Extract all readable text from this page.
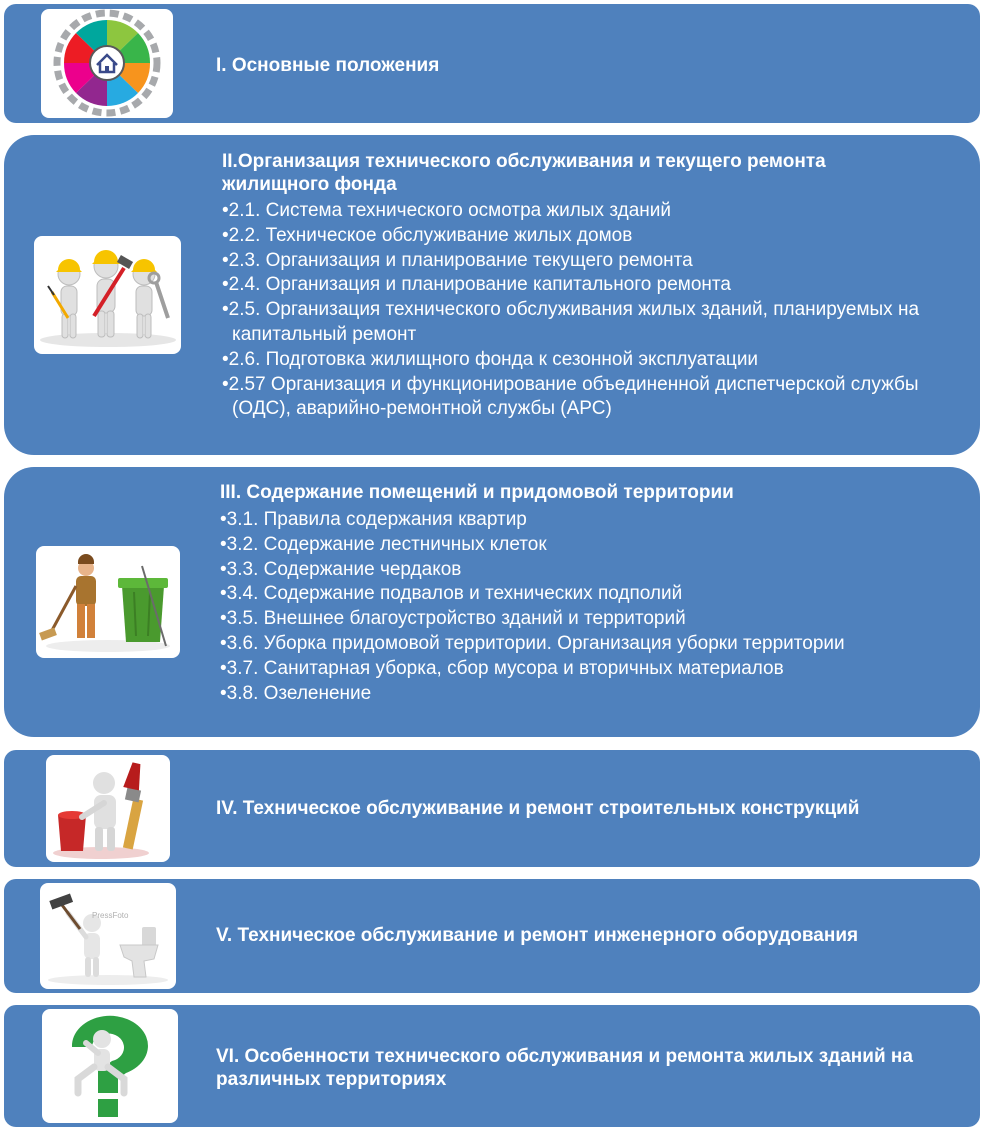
I. Основные положения
II.Организация технического обслуживания и текущего ремонта жилищного фонда
•2.1. Система технического осмотра жилых зданий
•2.2. Техническое обслуживание жилых домов
•2.3. Организация и планирование текущего ремонта
•2.4. Организация и планирование капитального ремонта
•2.5. Организация технического обслуживания жилых зданий, планируемых на капитальный ремонт
•2.6. Подготовка жилищного фонда к сезонной эксплуатации
•2.57 Организация и функционирование объединенной диспетчерской службы (ОДС), аварийно-ремонтной службы (АРС)
III. Содержание помещений и придомовой территории
•3.1. Правила содержания квартир
•3.2. Содержание лестничных клеток
•3.3. Содержание чердаков
•3.4. Содержание подвалов и технических подполий
•3.5. Внешнее благоустройство зданий и территорий
•3.6. Уборка придомовой территории. Организация уборки территории
•3.7. Санитарная уборка, сбор мусора и вторичных материалов
•3.8. Озеленение
IV. Техническое обслуживание и ремонт строительных конструкций
PressFoto
V. Техническое обслуживание и ремонт инженерного оборудования
VI. Особенности технического обслуживания и ремонта жилых зданий на различных территориях
